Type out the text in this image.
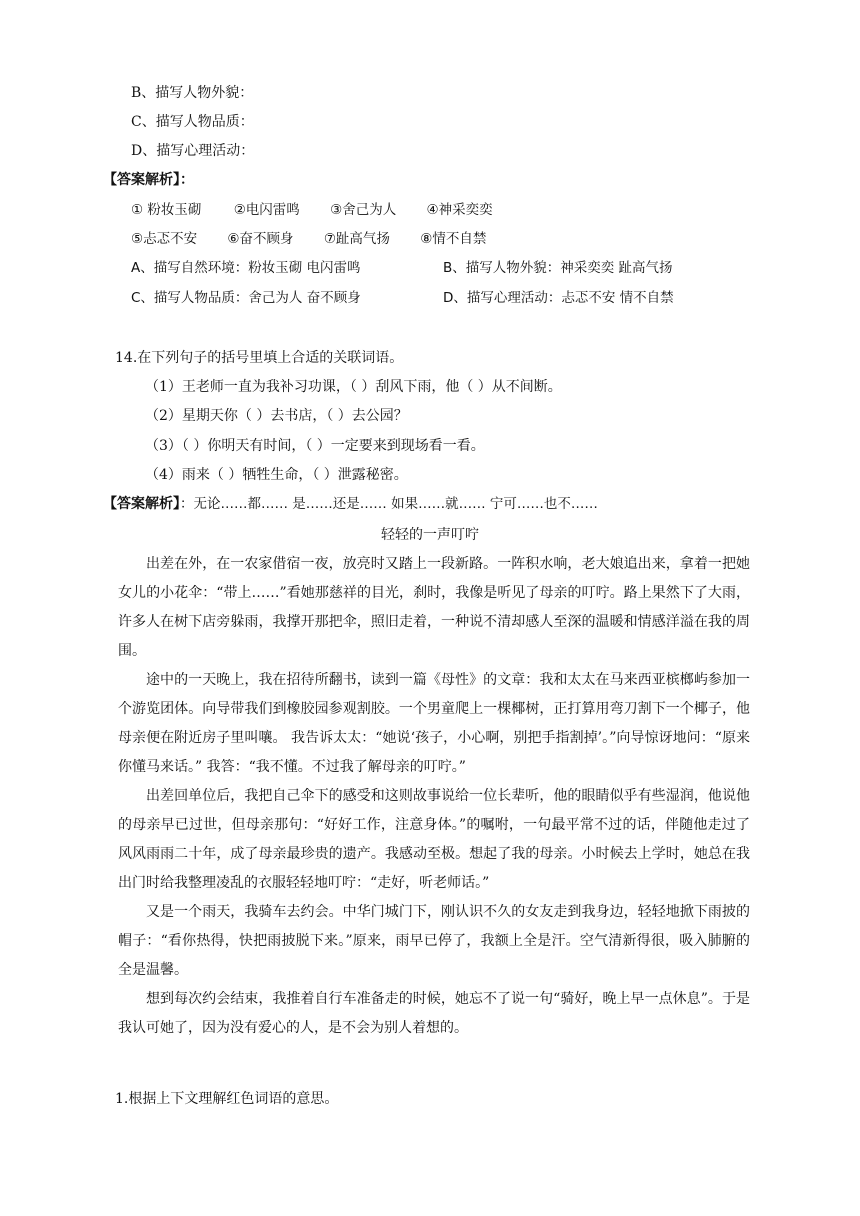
B、描写人物外貌：
C、描写人物品质：
D、描写心理活动：
【答案解析】：
① 粉妆玉砌 ②电闪雷鸣 ③舍己为人 ④神采奕奕
⑤忐忑不安 ⑥奋不顾身 ⑦趾高气扬 ⑧情不自禁
A、描写自然环境：粉妆玉砌 电闪雷鸣	B、描写人物外貌：神采奕奕 趾高气扬
C、描写人物品质：舍己为人 奋不顾身	D、描写心理活动：忐忑不安 情不自禁
14.在下列句子的括号里填上合适的关联词语。
（1）王老师一直为我补习功课，（ ）刮风下雨，他（ ）从不间断。
（2）星期天你（ ）去书店，（ ）去公园？
（3）（ ）你明天有时间，（ ）一定要来到现场看一看。
（4）雨来（ ）牺牲生命，（ ）泄露秘密。
【答案解析】：无论……都…… 是……还是…… 如果……就…… 宁可……也不……
轻轻的一声叮咛

出差在外，在一农家借宿一夜，放亮时又踏上一段新路。一阵积水响，老大娘追出来，拿着一把她女儿的小花伞：“带上……”看她那慈祥的目光，刹时，我像是听见了母亲的叮咛。路上果然下了大雨，许多人在树下店旁躲雨，我撑开那把伞，照旧走着，一种说不清却感人至深的温暖和情感洋溢在我的周围。

途中的一天晚上，我在招待所翻书，读到一篇《母性》的文章：我和太太在马来西亚槟榔屿参加一个游览团体。向导带我们到橡胶园参观割胶。一个男童爬上一棵椰树，正打算用弯刀割下一个椰子，他母亲便在附近房子里叫嚷。 我告诉太太：“她说‘孩子，小心啊，别把手指割掉’。”向导惊讶地问：“原来你懂马来话。” 我答：“我不懂。不过我了解母亲的叮咛。”

出差回单位后，我把自己伞下的感受和这则故事说给一位长辈听，他的眼睛似乎有些湿润，他说他的母亲早已过世，但母亲那句：“好好工作，注意身体。”的嘱咐，一句最平常不过的话，伴随他走过了风风雨雨二十年，成了母亲最珍贵的遗产。我感动至极。想起了我的母亲。小时候去上学时，她总在我出门时给我整理凌乱的衣服轻轻地叮咛：“走好，听老师话。”

又是一个雨天，我骑车去约会。中华门城门下，刚认识不久的女友走到我身边，轻轻地掀下雨披的帽子：“看你热得，快把雨披脱下来。”原来，雨早已停了，我额上全是汗。空气清新得很，吸入肺腑的全是温馨。

想到每次约会结束，我推着自行车准备走的时候，她忘不了说一句“骑好，晚上早一点休息”。于是我认可她了，因为没有爱心的人，是不会为别人着想的。

1.根据上下文理解红色词语的意思。
